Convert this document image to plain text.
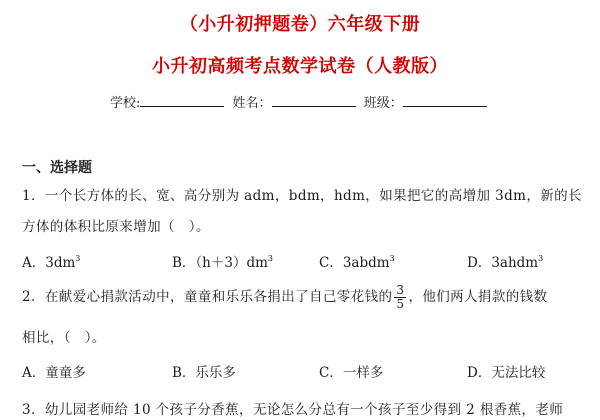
（小升初押题卷）六年级下册
小升初高频考点数学试卷（人教版）
学校:	姓名：	班级：
一、选择题
1．一个长方体的长、宽、高分别为 adm，bdm，hdm，如果把它的高增加 3dm，新的长
方体的体积比原来增加（　）。
A．$3dm^3$	B．$(h+3)dm^3$	C．3abdm$^3$	D．3ahdm$^3$
2．在献爱心捐款活动中，童童和乐乐各捐出了自己零花钱的 $\frac{3}{5}$ ，他们两人捐款的钱数
相比，（　）。
A．童童多	B．乐乐多	C．一样多	D．无法比较
3．幼儿园老师给 10 个孩子分香蕉，无论怎么分总有一个孩子至少得到 2 根香蕉，老师
